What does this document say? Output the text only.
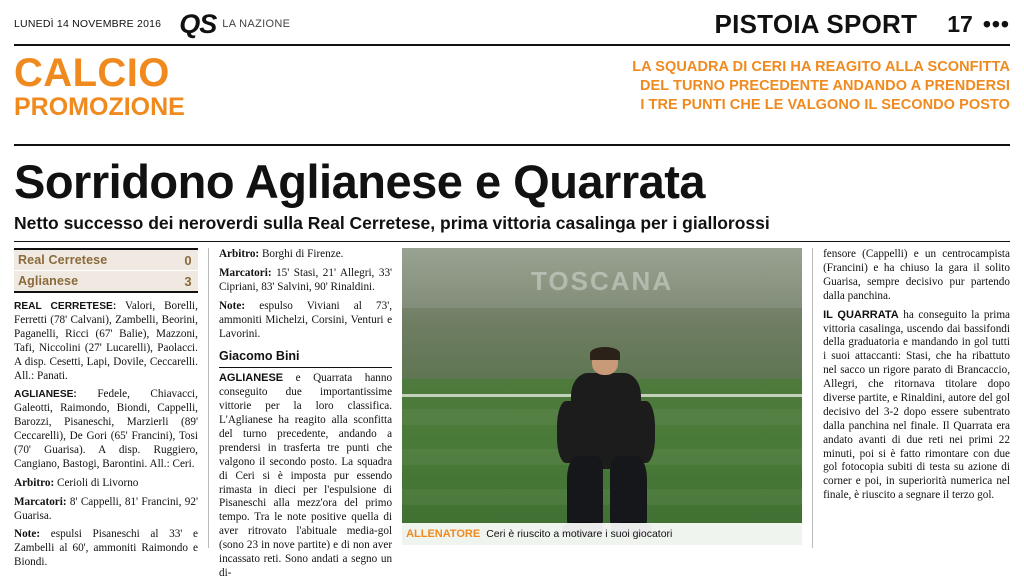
LUNEDÌ 14 NOVEMBRE 2016 QS LA NAZIONE	PISTOIA SPORT 17 •••
CALCIO
PROMOZIONE
LA SQUADRA DI CERI HA REAGITO ALLA SCONFITTA
DEL TURNO PRECEDENTE ANDANDO A PRENDERSI
I TRE PUNTI CHE LE VALGONO IL SECONDO POSTO
Sorridono Aglianese e Quarrata
Netto successo dei neroverdi sulla Real Cerretese, prima vittoria casalinga per i giallorossi
Real Cerretese	0
Aglianese	3

REAL CERRETESE: Valori, Borelli, Ferretti (78' Calvani), Zambelli, Beorini, Paganelli, Ricci (67' Balie), Mazzoni, Tafi, Niccolini (27' Lucarelli), Paolacci. A disp. Cesetti, Lapi, Dovile, Ceccarelli. All.: Panati.

AGLIANESE: Fedele, Chiavacci, Galeotti, Raimondo, Biondi, Cappelli, Barozzi, Pisaneschi, Marzierli (89' Ceccarelli), De Gori (65' Francini), Tosi (70' Guarisa). A disp. Ruggiero, Cangiano, Bastogi, Barontini. All.: Ceri.

Arbitro: Cerioli di Livorno

Marcatori: 8' Cappelli, 81' Francini, 92' Guarisa.

Note: espulsi Pisaneschi al 33' e Zambelli al 60', ammoniti Raimondo e Biondi.

Arbitro: Borghi di Firenze.

Marcatori: 15' Stasi, 21' Allegri, 33' Cipriani, 83' Salvini, 90' Rinaldini.

Note: espulso Viviani al 73', ammoniti Michelzi, Corsini, Venturi e Lavorini.

Giacomo Bini

AGLIANESE e Quarrata hanno conseguito due importantissime vittorie per la loro classifica. L'Aglianese ha reagito alla sconfitta del turno precedente, andando a prendersi in trasferta tre punti che valgono il secondo posto. La squadra di Ceri si è imposta pur essendo rimasta in dieci per l'espulsione di Pisaneschi alla mezz'ora del primo tempo. Tra le note positive quella di aver ritrovato l'abituale media-gol (sono 23 in nove partite) e di non aver incassato reti. Sono andati a segno un di-

TOSCANA
ALLENATORE Ceri è riuscito a motivare i suoi giocatori

fensore (Cappelli) e un centrocampista (Francini) e ha chiuso la gara il solito Guarisa, sempre decisivo pur partendo dalla panchina.

IL QUARRATA ha conseguito la prima vittoria casalinga, uscendo dai bassifondi della graduatoria e mandando in gol tutti i suoi attaccanti: Stasi, che ha ribattuto nel sacco un rigore parato di Brancaccio, Allegri, che ritornava titolare dopo diverse partite, e Rinaldini, autore del gol decisivo del 3-2 dopo essere subentrato dalla panchina nel finale. Il Quarrata era andato avanti di due reti nei primi 22 minuti, poi si è fatto rimontare con due gol fotocopia subiti di testa su azione di corner e poi, in superiorità numerica nel finale, è riuscito a segnare il terzo gol.
